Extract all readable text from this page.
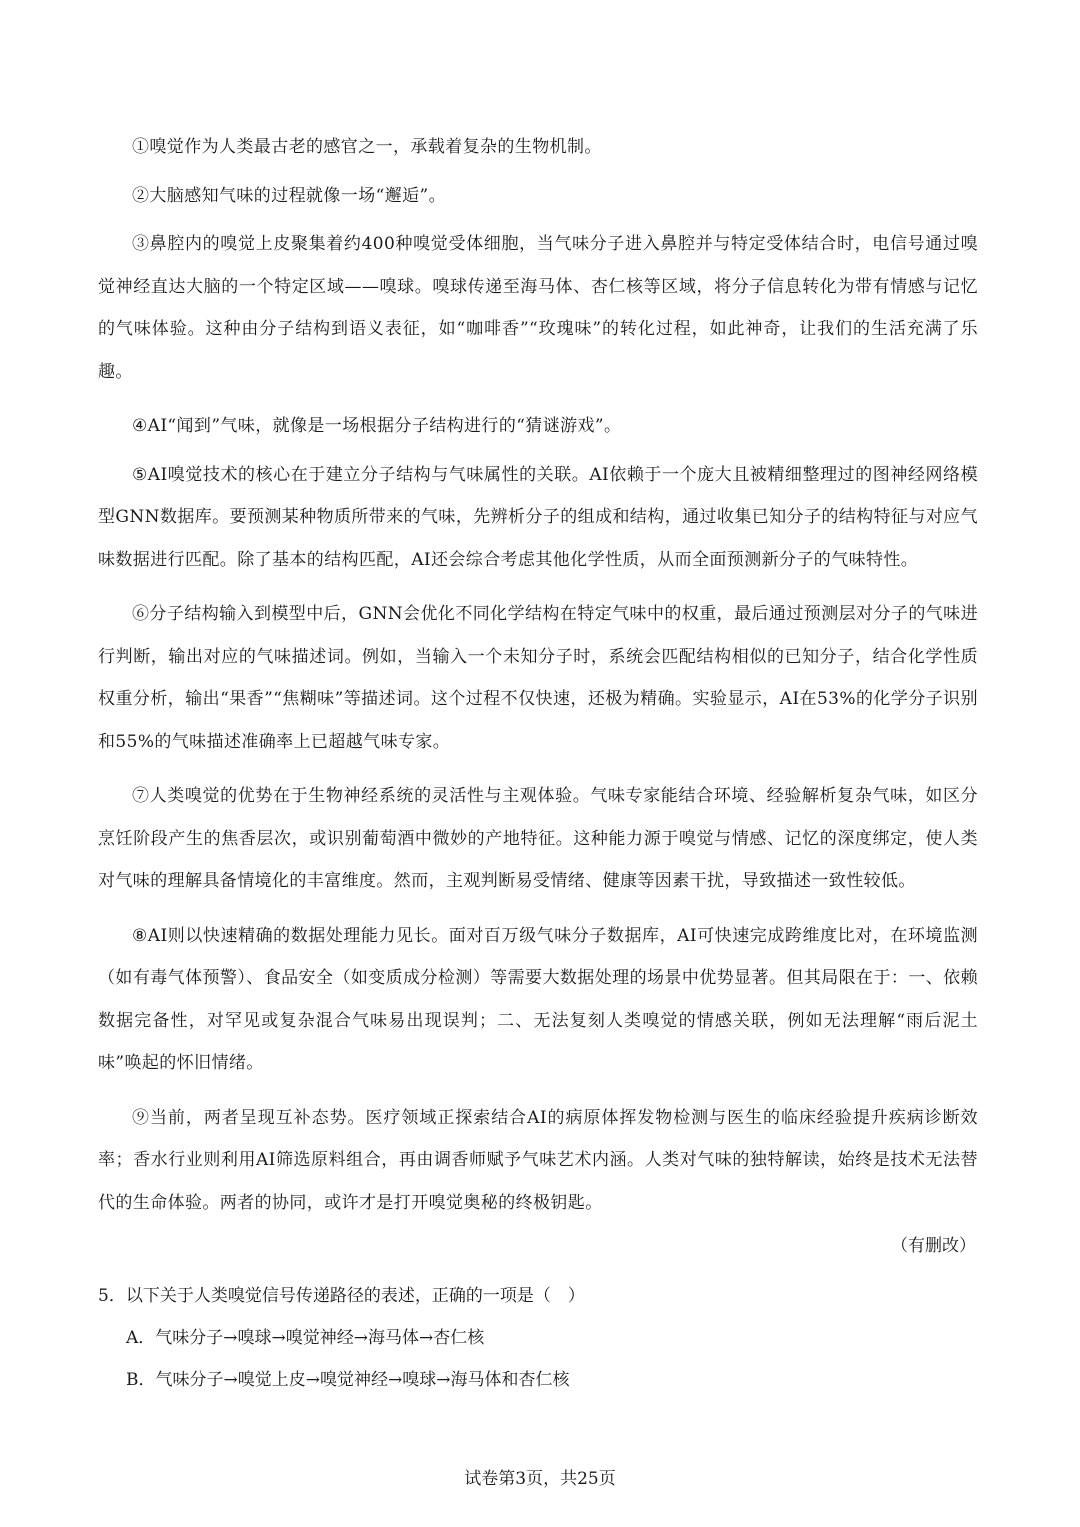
①嗅觉作为人类最古老的感官之一，承载着复杂的生物机制。

②大脑感知气味的过程就像一场“邂逅”。

③鼻腔内的嗅觉上皮聚集着约400种嗅觉受体细胞，当气味分子进入鼻腔并与特定受体结合时，电信号通过嗅觉神经直达大脑的一个特定区域——嗅球。嗅球传递至海马体、杏仁核等区域，将分子信息转化为带有情感与记忆的气味体验。这种由分子结构到语义表征，如“咖啡香”“玫瑰味”的转化过程，如此神奇，让我们的生活充满了乐趣。

④AI“闻到”气味，就像是一场根据分子结构进行的“猜谜游戏”。

⑤AI嗅觉技术的核心在于建立分子结构与气味属性的关联。AI依赖于一个庞大且被精细整理过的图神经网络模型GNN数据库。要预测某种物质所带来的气味，先辨析分子的组成和结构，通过收集已知分子的结构特征与对应气味数据进行匹配。除了基本的结构匹配，AI还会综合考虑其他化学性质，从而全面预测新分子的气味特性。

⑥分子结构输入到模型中后，GNN会优化不同化学结构在特定气味中的权重，最后通过预测层对分子的气味进行判断，输出对应的气味描述词。例如，当输入一个未知分子时，系统会匹配结构相似的已知分子，结合化学性质权重分析，输出“果香”“焦糊味”等描述词。这个过程不仅快速，还极为精确。实验显示，AI在53%的化学分子识别和55%的气味描述准确率上已超越气味专家。

⑦人类嗅觉的优势在于生物神经系统的灵活性与主观体验。气味专家能结合环境、经验解析复杂气味，如区分烹饪阶段产生的焦香层次，或识别葡萄酒中微妙的产地特征。这种能力源于嗅觉与情感、记忆的深度绑定，使人类对气味的理解具备情境化的丰富维度。然而，主观判断易受情绪、健康等因素干扰，导致描述一致性较低。

⑧AI则以快速精确的数据处理能力见长。面对百万级气味分子数据库，AI可快速完成跨维度比对，在环境监测（如有毒气体预警）、食品安全（如变质成分检测）等需要大数据处理的场景中优势显著。但其局限在于：一、依赖数据完备性，对罕见或复杂混合气味易出现误判；二、无法复刻人类嗅觉的情感关联，例如无法理解“雨后泥土味”唤起的怀旧情绪。

⑨当前，两者呈现互补态势。医疗领域正探索结合AI的病原体挥发物检测与医生的临床经验提升疾病诊断效率；香水行业则利用AI筛选原料组合，再由调香师赋予气味艺术内涵。人类对气味的独特解读，始终是技术无法替代的生命体验。两者的协同，或许才是打开嗅觉奥秘的终极钥匙。

（有删改）

5．以下关于人类嗅觉信号传递路径的表述，正确的一项是（　）

A．气味分子→嗅球→嗅觉神经→海马体→杏仁核

B．气味分子→嗅觉上皮→嗅觉神经→嗅球→海马体和杏仁核

试卷第3页，共25页
